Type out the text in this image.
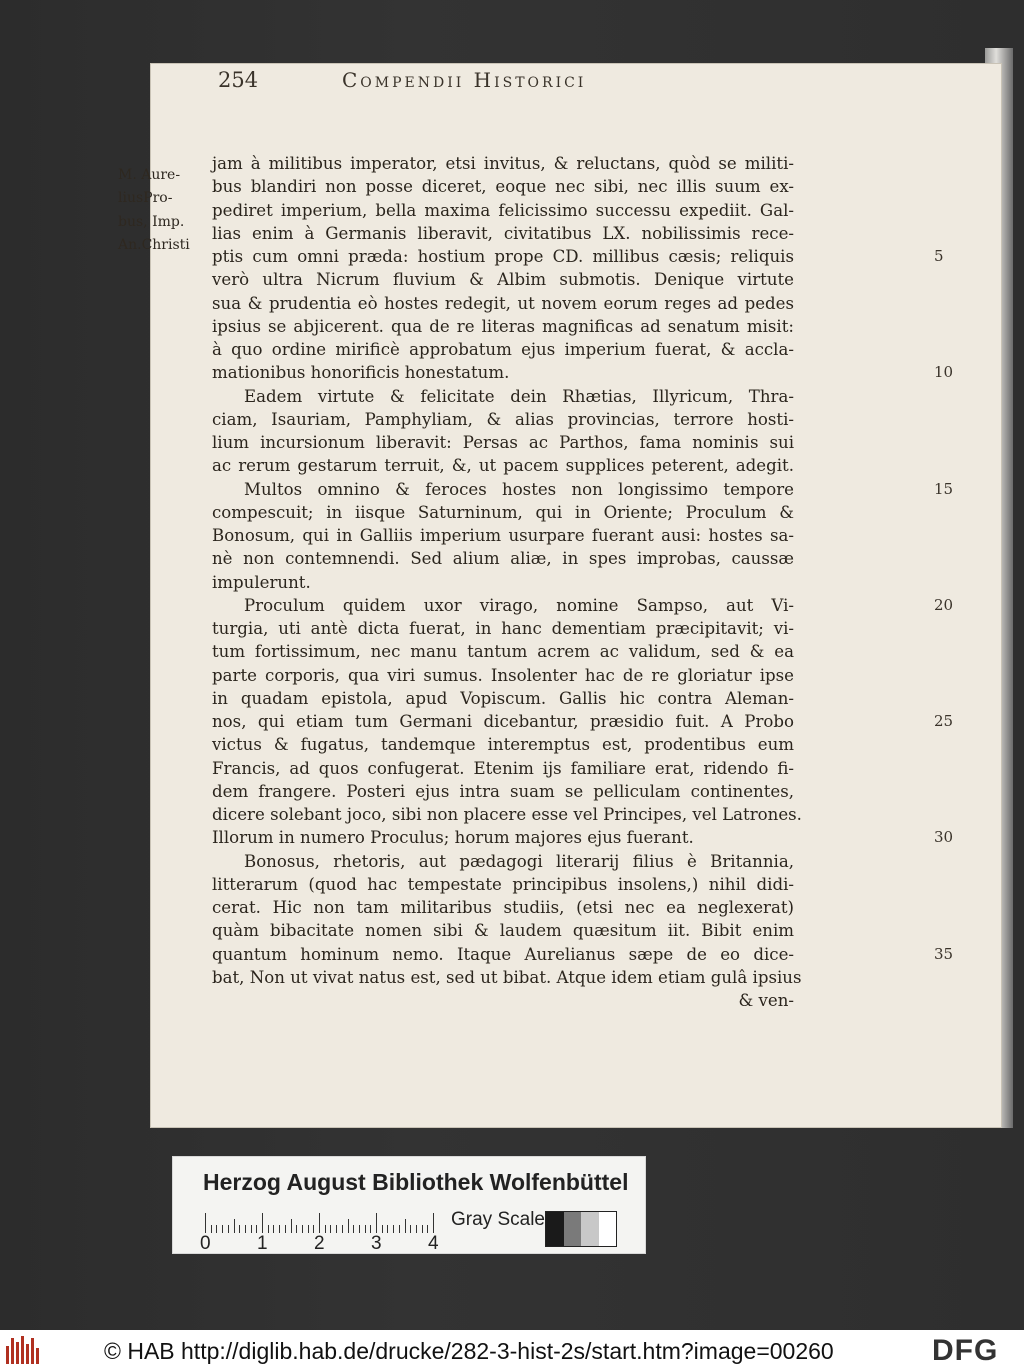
254	Compendii Historici
M. Aure-
liusPro-
bus, Imp.
An.Christi
jam à militibus imperator, etsi invitus, & reluctans, quòd se militi-
bus blandiri non posse diceret, eoque nec sibi, nec illis suum ex-
pediret imperium, bella maxima felicissimo successu expediit. Gal-
lias enim à Germanis liberavit, civitatibus LX. nobilissimis rece-
ptis cum omni præda: hostium prope CD. millibus cæsis; reliquis
verò ultra Nicrum fluvium & Albim submotis. Denique virtute
sua & prudentia eò hostes redegit, ut novem eorum reges ad pedes
ipsius se abjicerent. qua de re literas magnificas ad senatum misit:
à quo ordine mirificè approbatum ejus imperium fuerat, & accla-
mationibus honorificis honestatum.
Eadem virtute & felicitate dein Rhætias, Illyricum, Thra-
ciam, Isauriam, Pamphyliam, & alias provincias, terrore hosti-
lium incursionum liberavit: Persas ac Parthos, fama nominis sui
ac rerum gestarum terruit, &, ut pacem supplices peterent, adegit.
Multos omnino & feroces hostes non longissimo tempore
compescuit; in iisque Saturninum, qui in Oriente; Proculum &
Bonosum, qui in Galliis imperium usurpare fuerant ausi: hostes sa-
nè non contemnendi. Sed alium aliæ, in spes improbas, caussæ
impulerunt.
Proculum quidem uxor virago, nomine Sampso, aut Vi-
turgia, uti antè dicta fuerat, in hanc dementiam præcipitavit; vi-
tum fortissimum, nec manu tantum acrem ac validum, sed & ea
parte corporis, qua viri sumus. Insolenter hac de re gloriatur ipse
in quadam epistola, apud Vopiscum. Gallis hic contra Aleman-
nos, qui etiam tum Germani dicebantur, præsidio fuit. A Probo
victus & fugatus, tandemque interemptus est, prodentibus eum
Francis, ad quos confugerat. Etenim ijs familiare erat, ridendo fi-
dem frangere. Posteri ejus intra suam se pelliculam continentes,
dicere solebant joco, sibi non placere esse vel Principes, vel Latrones.
Illorum in numero Proculus; horum majores ejus fuerant.
Bonosus, rhetoris, aut pædagogi literarij filius è Britannia,
litterarum (quod hac tempestate principibus insolens,) nihil didi-
cerat. Hic non tam militaribus studiis, (etsi nec ea neglexerat)
quàm bibacitate nomen sibi & laudem quæsitum iit. Bibit enim
quantum hominum nemo. Itaque Aurelianus sæpe de eo dice-
bat, Non ut vivat natus est, sed ut bibat. Atque idem etiam gulâ ipsius
& ven-
5
10
15
20
25
30
35
Herzog August Bibliothek Wolfenbüttel
0 1 2 3 4
Gray Scale
© HAB http://diglib.hab.de/drucke/282-3-hist-2s/start.htm?image=00260	DFG
